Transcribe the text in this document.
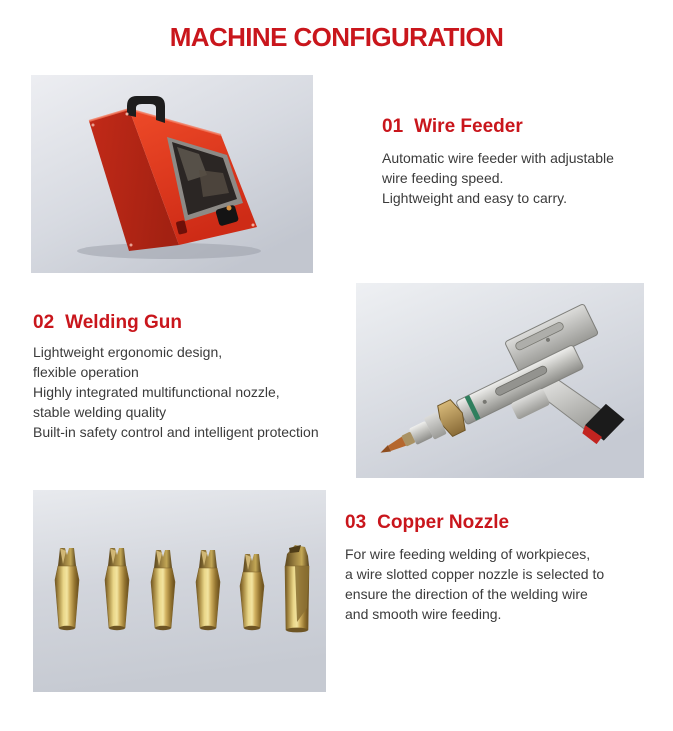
MACHINE CONFIGURATION
01 Wire Feeder
Automatic wire feeder with adjustable
wire feeding speed.
Lightweight and easy to carry.
02 Welding Gun
Lightweight ergonomic design,
flexible operation
Highly integrated multifunctional nozzle,
stable welding quality
Built-in safety control and intelligent protection
03 Copper Nozzle
For wire feeding welding of workpieces,
a wire slotted copper nozzle is selected to
ensure the direction of the welding wire
and smooth wire feeding.
